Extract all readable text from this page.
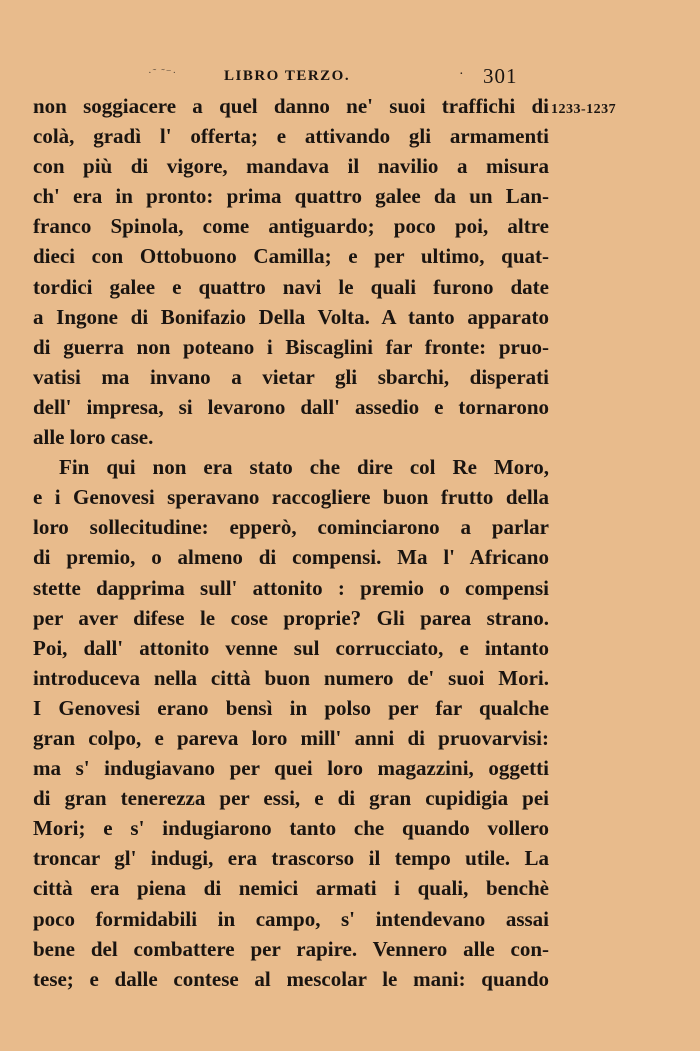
·˜ ˜⁻·	LIBRO TERZO.	· 301
1233-1237
non soggiacere a quel danno ne' suoi traffichi di
colà, gradì l' offerta; e attivando gli armamenti
con più di vigore, mandava il navilio a misura
ch' era in pronto: prima quattro galee da un Lan-
franco Spinola, come antiguardo; poco poi, altre
dieci con Ottobuono Camilla; e per ultimo, quat-
tordici galee e quattro navi le quali furono date
a Ingone di Bonifazio Della Volta. A tanto apparato
di guerra non poteano i Biscaglini far fronte: pruo-
vatisi ma invano a vietar gli sbarchi, disperati
dell' impresa, si levarono dall' assedio e tornarono
alle loro case.
Fin qui non era stato che dire col Re Moro,
e i Genovesi speravano raccogliere buon frutto della
loro sollecitudine: epperò, cominciarono a parlar
di premio, o almeno di compensi. Ma l' Africano
stette dapprima sull' attonito : premio o compensi
per aver difese le cose proprie? Gli parea strano.
Poi, dall' attonito venne sul corrucciato, e intanto
introduceva nella città buon numero de' suoi Mori.
I Genovesi erano bensì in polso per far qualche
gran colpo, e pareva loro mill' anni di pruovarvisi:
ma s' indugiavano per quei loro magazzini, oggetti
di gran tenerezza per essi, e di gran cupidigia pei
Mori; e s' indugiarono tanto che quando vollero
troncar gl' indugi, era trascorso il tempo utile. La
città era piena di nemici armati i quali, benchè
poco formidabili in campo, s' intendevano assai
bene del combattere per rapire. Vennero alle con-
tese; e dalle contese al mescolar le mani: quando
